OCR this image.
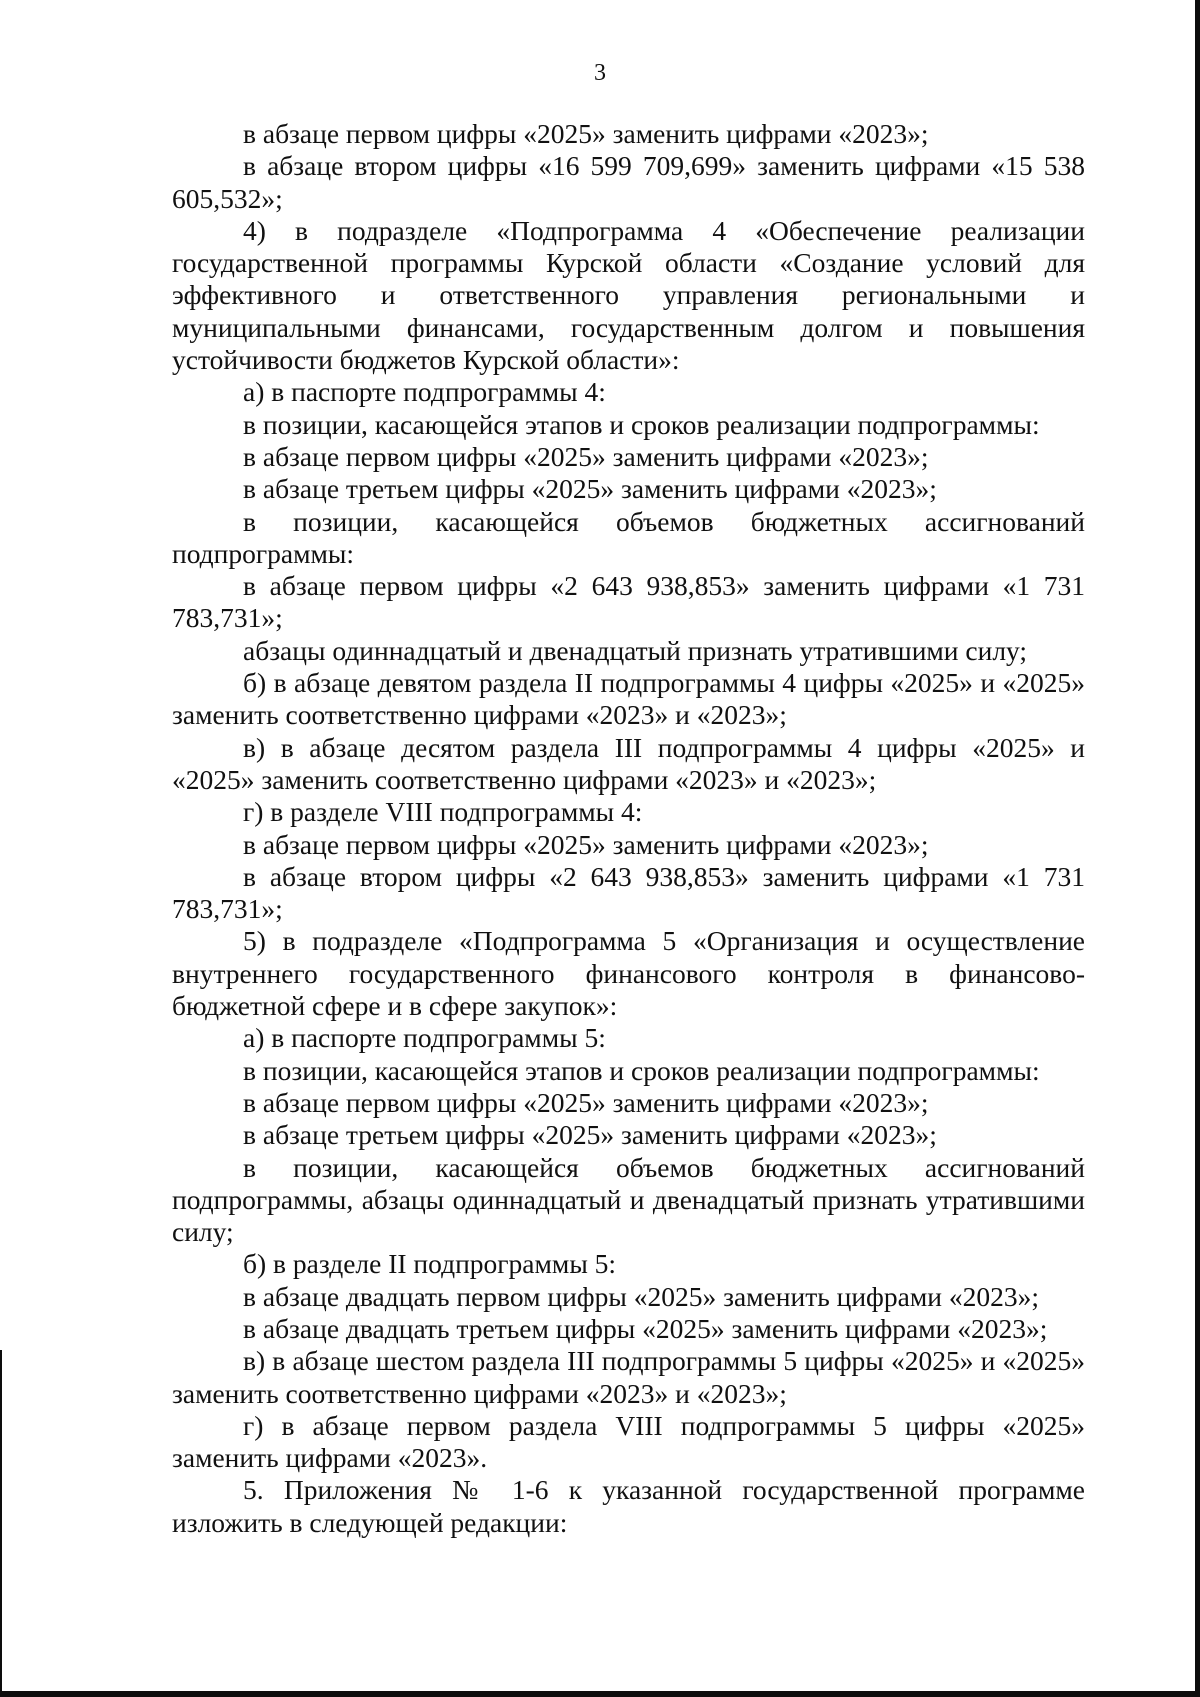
3

в абзаце первом цифры «2025» заменить цифрами «2023»;

в абзаце втором цифры «16 599 709,699» заменить цифрами «15 538 605,532»;

4) в подразделе «Подпрограмма 4 «Обеспечение реализации государственной программы Курской области «Создание условий для эффективного и ответственного управления региональными и муниципальными финансами, государственным долгом и повышения устойчивости бюджетов Курской области»:

а) в паспорте подпрограммы 4:

в позиции, касающейся этапов и сроков реализации подпрограммы:

в абзаце первом цифры «2025» заменить цифрами «2023»;

в абзаце третьем цифры «2025» заменить цифрами «2023»;

в позиции, касающейся объемов бюджетных ассигнований подпрограммы:

в абзаце первом цифры «2 643 938,853» заменить цифрами «1 731 783,731»;

абзацы одиннадцатый и двенадцатый признать утратившими силу;

б) в абзаце девятом раздела II подпрограммы 4 цифры «2025» и «2025» заменить соответственно цифрами «2023» и «2023»;

в) в абзаце десятом раздела III подпрограммы 4 цифры «2025» и «2025» заменить соответственно цифрами «2023» и «2023»;

г) в разделе VIII подпрограммы 4:

в абзаце первом цифры «2025» заменить цифрами «2023»;

в абзаце втором цифры «2 643 938,853» заменить цифрами «1 731 783,731»;

5) в подразделе «Подпрограмма 5 «Организация и осуществление внутреннего государственного финансового контроля в финансово-бюджетной сфере и в сфере закупок»:

а) в паспорте подпрограммы 5:

в позиции, касающейся этапов и сроков реализации подпрограммы:

в абзаце первом цифры «2025» заменить цифрами «2023»;

в абзаце третьем цифры «2025» заменить цифрами «2023»;

в позиции, касающейся объемов бюджетных ассигнований подпрограммы, абзацы одиннадцатый и двенадцатый признать утратившими силу;

б) в разделе II подпрограммы 5:

в абзаце двадцать первом цифры «2025» заменить цифрами «2023»;

в абзаце двадцать третьем цифры «2025» заменить цифрами «2023»;

в) в абзаце шестом раздела III подпрограммы 5 цифры «2025» и «2025» заменить соответственно цифрами «2023» и «2023»;

г) в абзаце первом раздела VIII подпрограммы 5 цифры «2025» заменить цифрами «2023».

5. Приложения № 1-6 к указанной государственной программе изложить в следующей редакции:
